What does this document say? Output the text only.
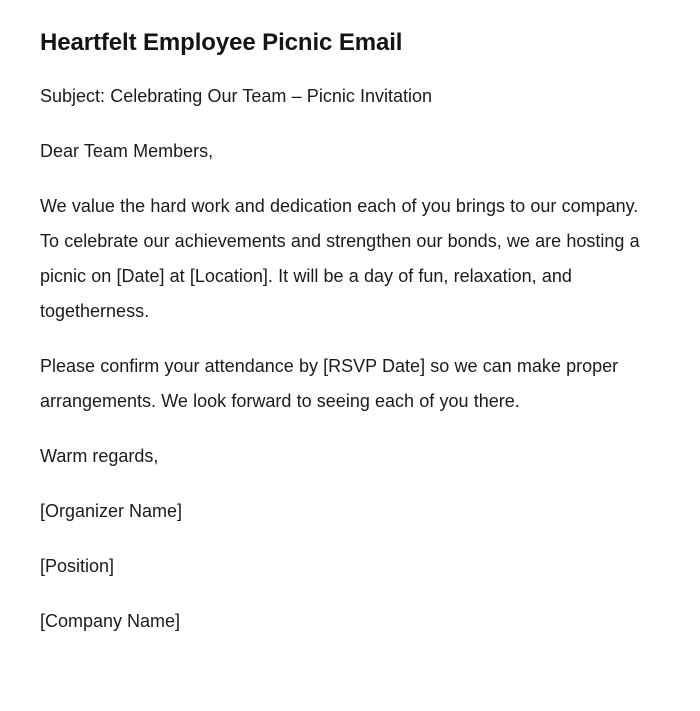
Heartfelt Employee Picnic Email

Subject: Celebrating Our Team – Picnic Invitation

Dear Team Members,

We value the hard work and dedication each of you brings to our company. To celebrate our achievements and strengthen our bonds, we are hosting a picnic on [Date] at [Location]. It will be a day of fun, relaxation, and togetherness.

Please confirm your attendance by [RSVP Date] so we can make proper arrangements. We look forward to seeing each of you there.

Warm regards,

[Organizer Name]

[Position]

[Company Name]
